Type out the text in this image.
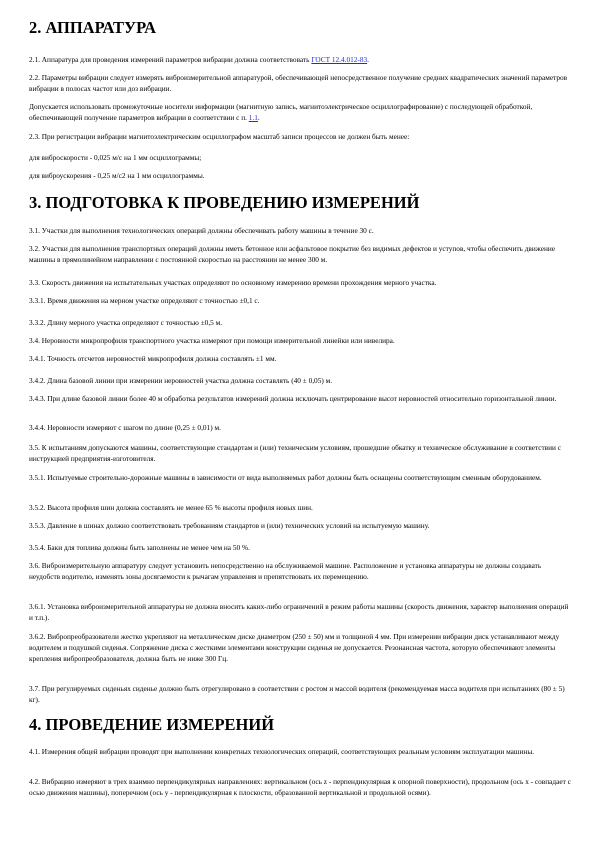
2. АППАРАТУРА

2.1. Аппаратура для проведения измерений параметров вибрации должна соответствовать ГОСТ 12.4.012-83.

2.2. Параметры вибрации следует измерять виброизмерительной аппаратурой, обеспечивающей непосредственное получение средних квадратических значений параметров вибрации в полосах частот или доз вибрации.

Допускается использовать промежуточные носители информации (магнитную запись, магнитоэлектрическое осциллографирование) с последующей обработкой, обеспечивающей получение параметров вибрации в соответствии с п. 1.1.

2.3. При регистрации вибрации магнитоэлектрическим осциллографом масштаб записи процессов не должен быть менее:

для виброскорости - 0,025 м/с на 1 мм осциллограммы;

для виброускорения - 0,25 м/с2 на 1 мм осциллограммы.

3. ПОДГОТОВКА К ПРОВЕДЕНИЮ ИЗМЕРЕНИЙ

3.1. Участки для выполнения технологических операций должны обеспечивать работу машины в течение 30 с.

3.2. Участки для выполнения транспортных операций должны иметь бетонное или асфальтовое покрытие без видимых дефектов и уступов, чтобы обеспечить движение машины в прямолинейном направлении с постоянной скоростью на расстоянии не менее 300 м.

3.3. Скорость движения на испытательных участках определяют по основному измерению времени прохождения мерного участка.

3.3.1. Время движения на мерном участке определяют с точностью ±0,1 с.

3.3.2. Длину мерного участка определяют с точностью ±0,5 м.

3.4. Неровности микропрофиля транспортного участка измеряют при помощи измерительной линейки или нивелира.

3.4.1. Точность отсчетов неровностей микропрофиля должна составлять ±1 мм.

3.4.2. Длина базовой линии при измерении неровностей участка должна составлять (40 ± 0,05) м.

3.4.3. При длине базовой линии более 40 м обработка результатов измерений должна исключать центрирование высот неровностей относительно горизонтальной линии.

3.4.4. Неровности измеряют с шагом по длине (0,25 ± 0,01) м.

3.5. К испытаниям допускаются машины, соответствующие стандартам и (или) техническим условиям, прошедшие обкатку и техническое обслуживание в соответствии с инструкцией предприятия-изготовителя.

3.5.1. Испытуемые строительно-дорожные машины в зависимости от вида выполняемых работ должны быть оснащены соответствующим сменным оборудованием.

3.5.2. Высота профиля шин должна составлять не менее 65 % высоты профиля новых шин.

3.5.3. Давление в шинах должно соответствовать требованиям стандартов и (или) технических условий на испытуемую машину.

3.5.4. Баки для топлива должны быть заполнены не менее чем на 50 %.

3.6. Виброизмерительную аппаратуру следует установить непосредственно на обслуживаемой машине. Расположение и установка аппаратуры не должны создавать неудобств водителю, изменять зоны досягаемости к рычагам управления и препятствовать их перемещению.

3.6.1. Установка виброизмерительной аппаратуры не должна вносить каких-либо ограничений в режим работы машины (скорость движения, характер выполнения операций и т.п.).

3.6.2. Вибропреобразователи жестко укрепляют на металлическом диске диаметром (250 ± 50) мм и толщиной 4 мм. При измерении вибрации диск устанавливают между водителем и подушкой сиденья. Сопряжение диска с жесткими элементами конструкции сиденья не допускается. Резонансная частота, которую обеспечивают элементы крепления вибропреобразователя, должна быть не ниже 300 Гц.

3.7. При регулируемых сиденьях сиденье должно быть отрегулировано в соответствии с ростом и массой водителя (рекомендуемая масса водителя при испытаниях (80 ± 5) кг).

4. ПРОВЕДЕНИЕ ИЗМЕРЕНИЙ

4.1. Измерения общей вибрации проводят при выполнении конкретных технологических операций, соответствующих реальным условиям эксплуатации машины.

4.2. Вибрацию измеряют в трех взаимно перпендикулярных направлениях: вертикальном (ось z - перпендикулярная к опорной поверхности), продольном (ось x - совпадает с осью движения машины), поперечном (ось y - перпендикулярная к плоскости, образованной вертикальной и продольной осями).
